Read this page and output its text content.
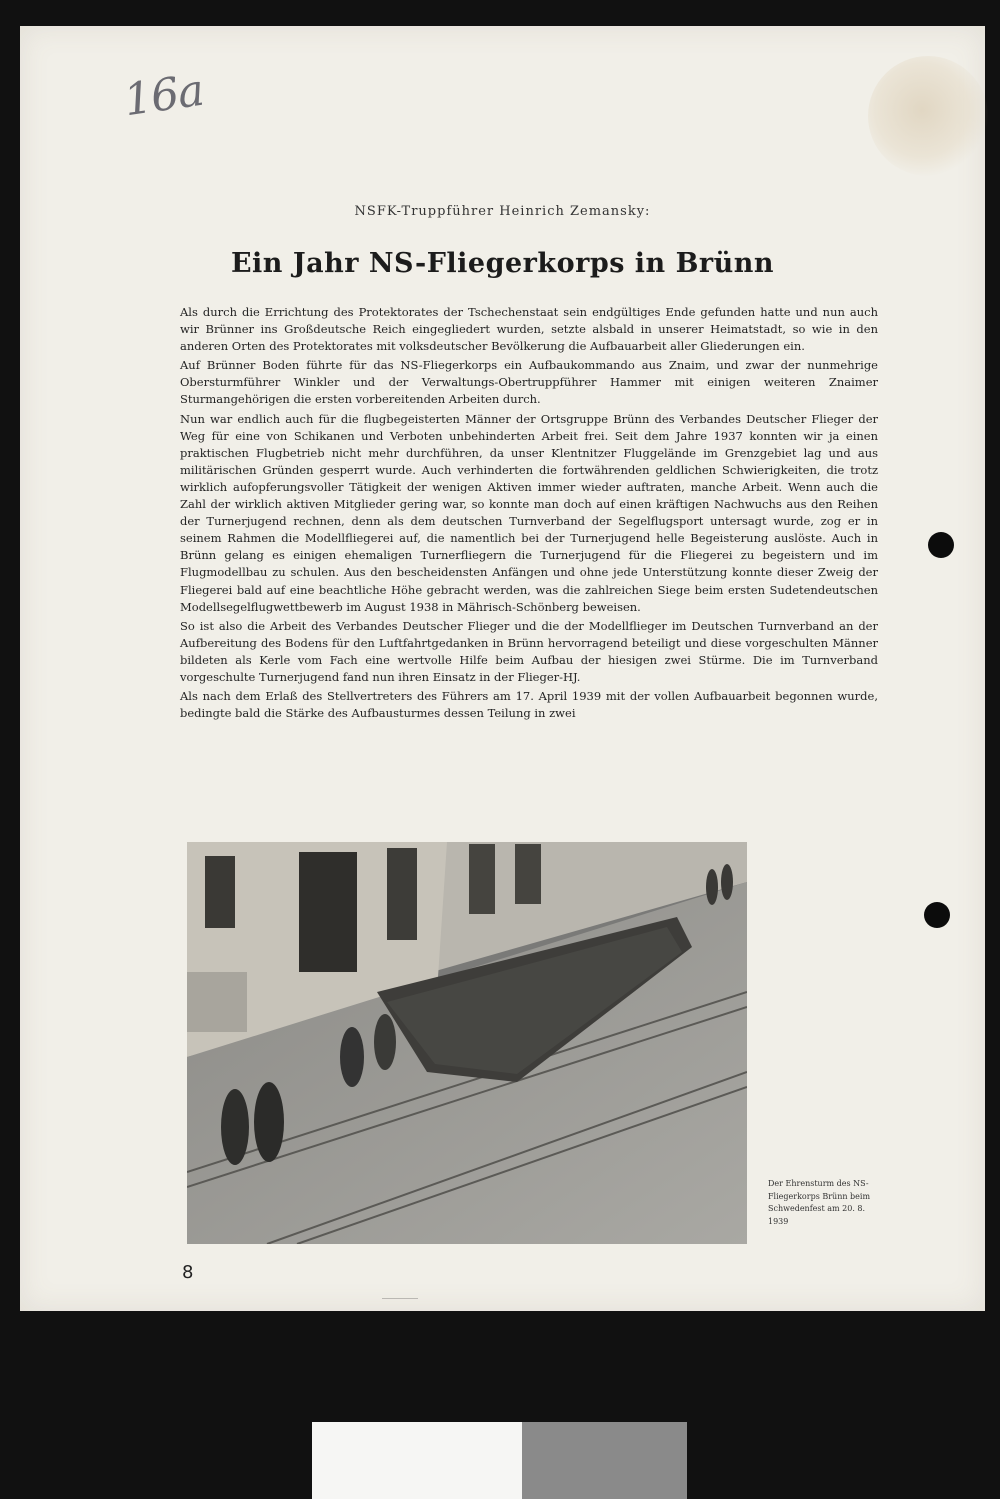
16a
NSFK-Truppführer Heinrich Zemansky:
Ein Jahr NS-Fliegerkorps in Brünn

Als durch die Errichtung des Protektorates der Tschechenstaat sein endgültiges Ende gefunden hatte und nun auch wir Brünner ins Großdeutsche Reich eingegliedert wurden, setzte alsbald in unserer Heimatstadt, so wie in den anderen Orten des Protektorates mit volksdeutscher Bevölkerung die Aufbauarbeit aller Gliederungen ein.

Auf Brünner Boden führte für das NS-Fliegerkorps ein Aufbaukommando aus Znaim, und zwar der nunmehrige Obersturmführer Winkler und der Verwaltungs-Obertruppführer Hammer mit einigen weiteren Znaimer Sturmangehörigen die ersten vorbereitenden Arbeiten durch.

Nun war endlich auch für die flugbegeisterten Männer der Ortsgruppe Brünn des Verbandes Deutscher Flieger der Weg für eine von Schikanen und Verboten unbehinderten Arbeit frei. Seit dem Jahre 1937 konnten wir ja einen praktischen Flugbetrieb nicht mehr durchführen, da unser Klentnitzer Fluggelände im Grenzgebiet lag und aus militärischen Gründen gesperrt wurde. Auch verhinderten die fortwährenden geldlichen Schwierigkeiten, die trotz wirklich aufopferungsvoller Tätigkeit der wenigen Aktiven immer wieder auftraten, manche Arbeit. Wenn auch die Zahl der wirklich aktiven Mitglieder gering war, so konnte man doch auf einen kräftigen Nachwuchs aus den Reihen der Turnerjugend rechnen, denn als dem deutschen Turnverband der Segelflugsport untersagt wurde, zog er in seinem Rahmen die Modellfliegerei auf, die namentlich bei der Turnerjugend helle Begeisterung auslöste. Auch in Brünn gelang es einigen ehemaligen Turnerfliegern die Turnerjugend für die Fliegerei zu begeistern und im Flugmodellbau zu schulen. Aus den bescheidensten Anfängen und ohne jede Unterstützung konnte dieser Zweig der Fliegerei bald auf eine beachtliche Höhe gebracht werden, was die zahlreichen Siege beim ersten Sudetendeutschen Modellsegelflugwettbewerb im August 1938 in Mährisch-Schönberg beweisen.

So ist also die Arbeit des Verbandes Deutscher Flieger und die der Modellflieger im Deutschen Turnverband an der Aufbereitung des Bodens für den Luftfahrtgedanken in Brünn hervorragend beteiligt und diese vorgeschulten Männer bildeten als Kerle vom Fach eine wertvolle Hilfe beim Aufbau der hiesigen zwei Stürme. Die im Turnverband vorgeschulte Turnerjugend fand nun ihren Einsatz in der Flieger-HJ.

Als nach dem Erlaß des Stellvertreters des Führers am 17. April 1939 mit der vollen Aufbauarbeit begonnen wurde, bedingte bald die Stärke des Aufbausturmes dessen Teilung in zwei

Der Ehrensturm des NS-Fliegerkorps Brünn beim Schwedenfest am 20. 8. 1939
8
